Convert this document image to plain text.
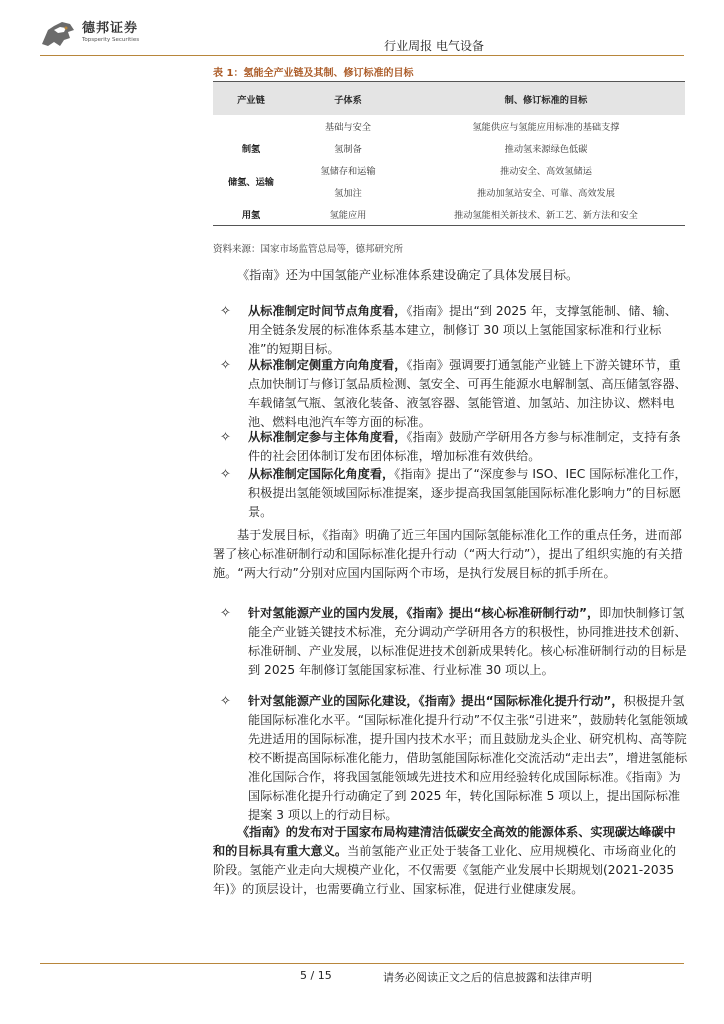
德邦证券
Topsperity Securities	行业周报 电气设备
表 1：氢能全产业链及其制、修订标准的目标
产业链	子体系	制、修订标准的目标
	基础与安全	氢能供应与氢能应用标准的基础支撑
制氢	氢制备	推动氢来源绿色低碳
储氢、运输	氢储存和运输	推动安全、高效氢储运
	氢加注	推动加氢站安全、可靠、高效发展
用氢	氢能应用	推动氢能相关新技术、新工艺、新方法和安全
资料来源：国家市场监管总局等，德邦研究所
《指南》还为中国氢能产业标准体系建设确定了具体发展目标。
✧ 从标准制定时间节点角度看，《指南》提出“到 2025 年，支撑氢能制、储、输、用全链条发展的标准体系基本建立，制修订 30 项以上氢能国家标准和行业标准”的短期目标。
✧ 从标准制定侧重方向角度看，《指南》强调要打通氢能产业链上下游关键环节，重点加快制订与修订氢品质检测、氢安全、可再生能源水电解制氢、高压储氢容器、车载储氢气瓶、氢液化装备、液氢容器、氢能管道、加氢站、加注协议、燃料电池、燃料电池汽车等方面的标准。
✧ 从标准制定参与主体角度看，《指南》鼓励产学研用各方参与标准制定，支持有条件的社会团体制订发布团体标准，增加标准有效供给。
✧ 从标准制定国际化角度看，《指南》提出了“深度参与 ISO、IEC 国际标准化工作，积极提出氢能领域国际标准提案，逐步提高我国氢能国际标准化影响力”的目标愿景。
基于发展目标，《指南》明确了近三年国内国际氢能标准化工作的重点任务，进而部署了核心标准研制行动和国际标准化提升行动（“两大行动”），提出了组织实施的有关措施。“两大行动”分别对应国内国际两个市场，是执行发展目标的抓手所在。
✧ 针对氢能源产业的国内发展，《指南》提出“核心标准研制行动”，即加快制修订氢能全产业链关键技术标准，充分调动产学研用各方的积极性，协同推进技术创新、标准研制、产业发展，以标准促进技术创新成果转化。核心标准研制行动的目标是到 2025 年制修订氢能国家标准、行业标准 30 项以上。
✧ 针对氢能源产业的国际化建设，《指南》提出“国际标准化提升行动”，积极提升氢能国际标准化水平。“国际标准化提升行动”不仅主张“引进来”，鼓励转化氢能领域先进适用的国际标准，提升国内技术水平；而且鼓励龙头企业、研究机构、高等院校不断提高国际标准化能力，借助氢能国际标准化交流活动“走出去”，增进氢能标准化国际合作，将我国氢能领域先进技术和应用经验转化成国际标准。《指南》为国际标准化提升行动确定了到 2025 年，转化国际标准 5 项以上，提出国际标准提案 3 项以上的行动目标。
《指南》的发布对于国家布局构建清洁低碳安全高效的能源体系、实现碳达峰碳中和的目标具有重大意义。当前氢能产业正处于装备工业化、应用规模化、市场商业化的阶段。氢能产业走向大规模产业化，不仅需要《氢能产业发展中长期规划(2021-2035 年)》的顶层设计，也需要确立行业、国家标准，促进行业健康发展。
5 / 15	请务必阅读正文之后的信息披露和法律声明
